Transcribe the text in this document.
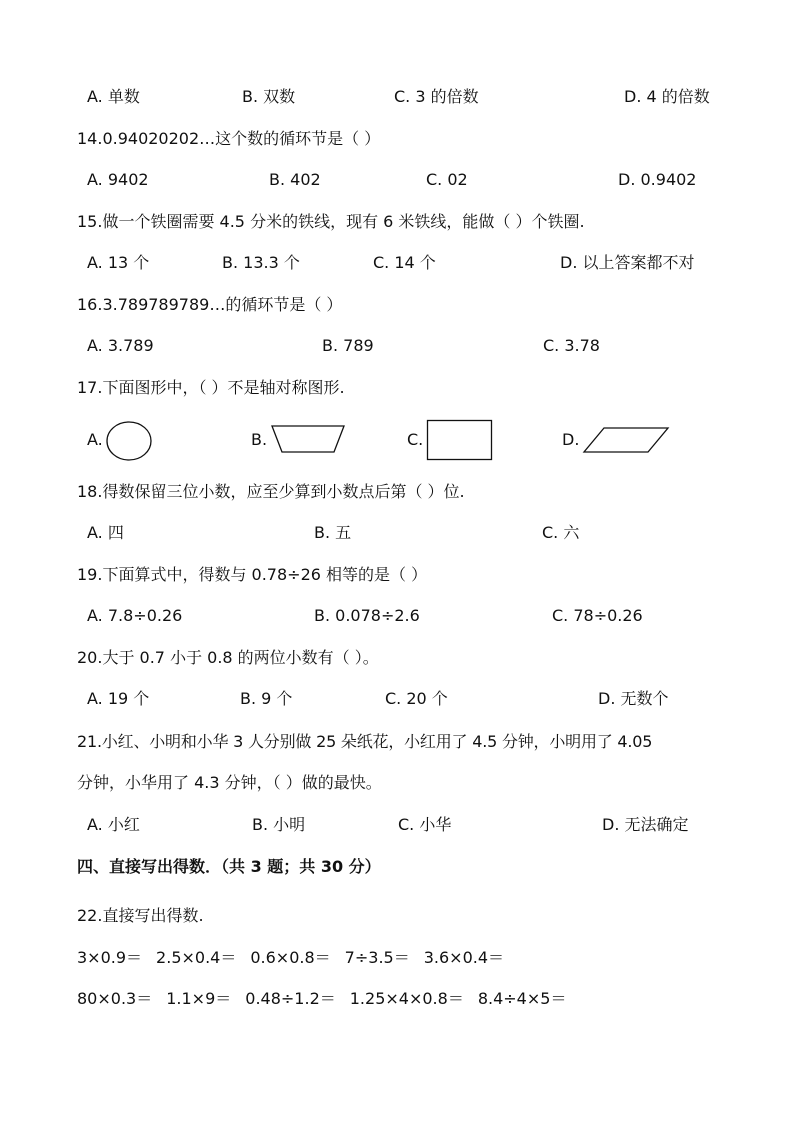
A. 单数	B. 双数	C. 3 的倍数	D. 4 的倍数
14.0.94020202…这个数的循环节是（ ）
A. 9402	B. 402	C. 02	D. 0.9402
15.做一个铁圈需要 4.5 分米的铁线，现有 6 米铁线，能做（ ）个铁圈.
A. 13 个	B. 13.3 个	C. 14 个	D. 以上答案都不对
16.3.789789789…的循环节是（ ）
A. 3.789	B. 789	C. 3.78
17.下面图形中，（ ）不是轴对称图形.
A.	B.	C.	D.
18.得数保留三位小数，应至少算到小数点后第（ ）位.
A. 四	B. 五	C. 六
19.下面算式中，得数与 0.78÷26 相等的是（ ）
A. 7.8÷0.26	B. 0.078÷2.6	C. 78÷0.26
20.大于 0.7 小于 0.8 的两位小数有（ ）。
A. 19 个	B. 9 个	C. 20 个	D. 无数个
21.小红、小明和小华 3 人分别做 25 朵纸花，小红用了 4.5 分钟，小明用了 4.05
分钟，小华用了 4.3 分钟，（ ）做的最快。
A. 小红	B. 小明	C. 小华	D. 无法确定
四、直接写出得数．（共 3 题；共 30 分）
22.直接写出得数.
3×0.9＝ 2.5×0.4＝ 0.6×0.8＝ 7÷3.5＝ 3.6×0.4＝
80×0.3＝ 1.1×9＝ 0.48÷1.2＝ 1.25×4×0.8＝ 8.4÷4×5＝
